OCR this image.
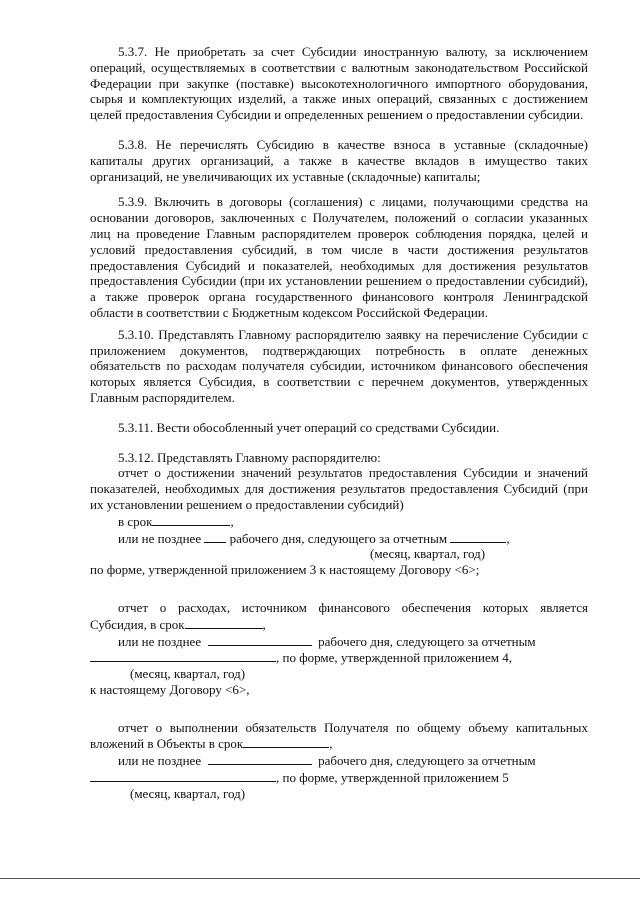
5.3.7. Не приобретать за счет Субсидии иностранную валюту, за исключением операций, осуществляемых в соответствии с валютным законодательством Российской Федерации при закупке (поставке) высокотехнологичного импортного оборудования, сырья и комплектующих изделий, а также иных операций, связанных с достижением целей предоставления Субсидии и определенных решением о предоставлении субсидии.

5.3.8. Не перечислять Субсидию в качестве взноса в уставные (складочные) капиталы других организаций, а также в качестве вкладов в имущество таких организаций, не увеличивающих их уставные (складочные) капиталы;

5.3.9. Включить в договоры (соглашения) с лицами, получающими средства на основании договоров, заключенных с Получателем, положений о согласии указанных лиц на проведение Главным распорядителем проверок соблюдения порядка, целей и условий предоставления субсидий, в том числе в части достижения результатов предоставления Субсидий и показателей, необходимых для достижения результатов предоставления Субсидии (при их установлении решением о предоставлении субсидий), а также проверок органа государственного финансового контроля Ленинградской области в соответствии с Бюджетным кодексом Российской Федерации.

5.3.10. Представлять Главному распорядителю заявку на перечисление Субсидии с приложением документов, подтверждающих потребность в оплате денежных обязательств по расходам получателя субсидии, источником финансового обеспечения которых является Субсидия, в соответствии с перечнем документов, утвержденных Главным распорядителем.

5.3.11. Вести обособленный учет операций со средствами Субсидии.

5.3.12. Представлять Главному распорядителю:

отчет о достижении значений результатов предоставления Субсидии и значений показателей, необходимых для достижения результатов предоставления Субсидий (при их установлении решением о предоставлении субсидий)

в срок	,
или не позднее рабочего дня, следующего за отчетным	,
(месяц, квартал, год)
по форме, утвержденной приложением 3 к настоящему Договору <6>;

отчет о расходах, источником финансового обеспечения которых является Субсидия, в срок	,

или не позднее	рабочего дня, следующего за отчетным
, по форме, утвержденной приложением 4,
(месяц, квартал, год)
к настоящему Договору <6>,

отчет о выполнении обязательств Получателя по общему объему капитальных вложений в Объекты в срок	,

или не позднее	рабочего дня, следующего за отчетным
, по форме, утвержденной приложением 5
(месяц, квартал, год)
